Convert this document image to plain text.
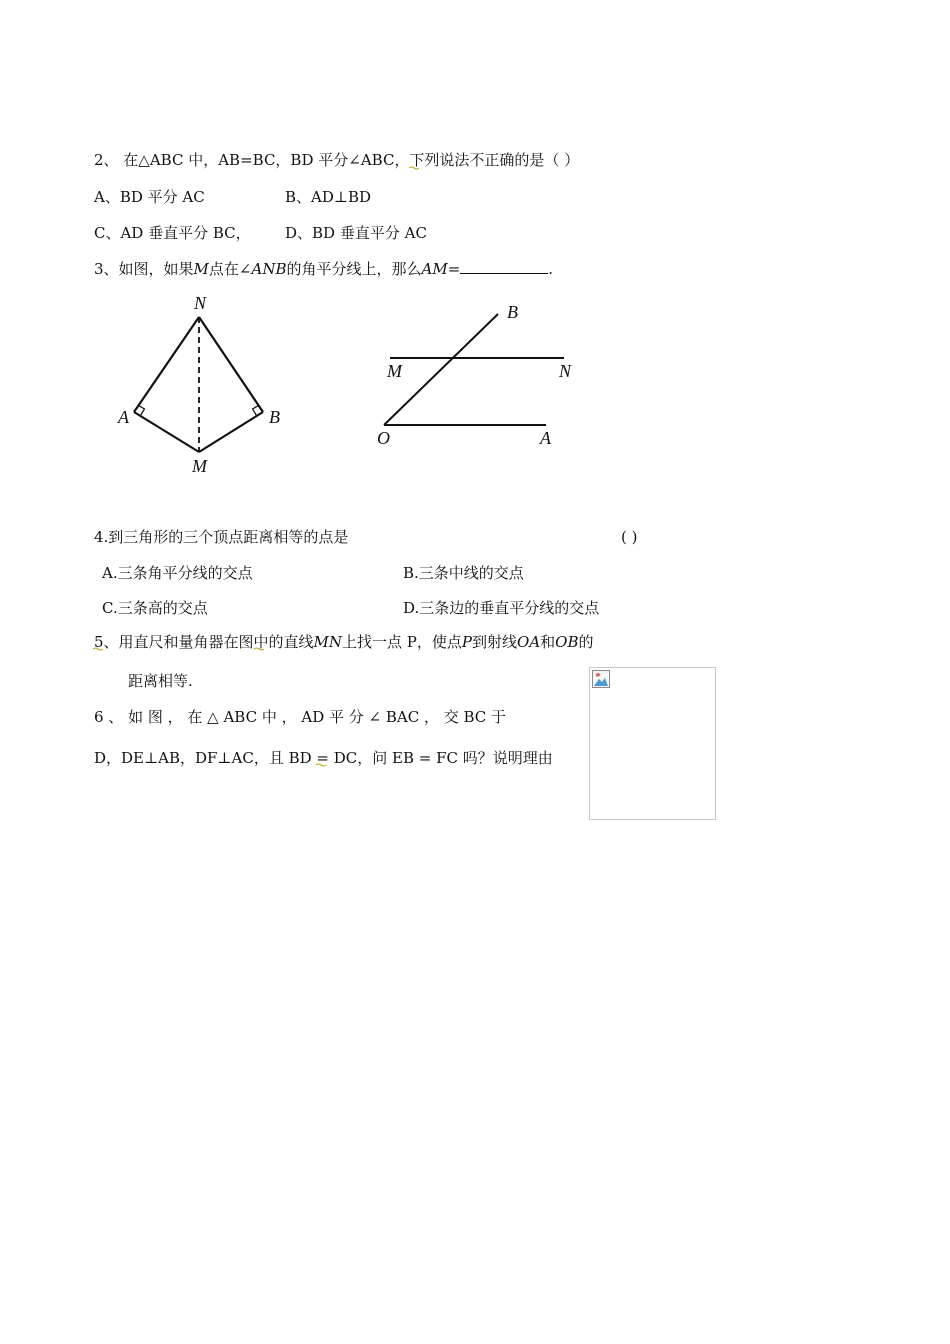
2、 在△ABC 中，AB=BC，BD 平分∠ABC，下列说法不正确的是（ ）
A、BD 平分 AC	B、AD⊥BD
C、AD 垂直平分 BC， D、BD 垂直平分 AC
3、如图，如果M点在∠ANB的角平分线上，那么AM=	.
N
A	B
M
B
M	N
O	A
4.到三角形的三个顶点距离相等的点是	( )
A.三条角平分线的交点	B.三条中线的交点
C.三条高的交点	D.三条边的垂直平分线的交点
5、用直尺和量角器在图中的直线MN上找一点 P，使点P到射线OA和OB的
距离相等.
6 、 如 图 ， 在 △ ABC 中 ， AD 平 分 ∠ BAC ， 交 BC 于
D，DE⊥AB，DF⊥AC，且 BD = DC，问 EB = FC 吗？说明理由
